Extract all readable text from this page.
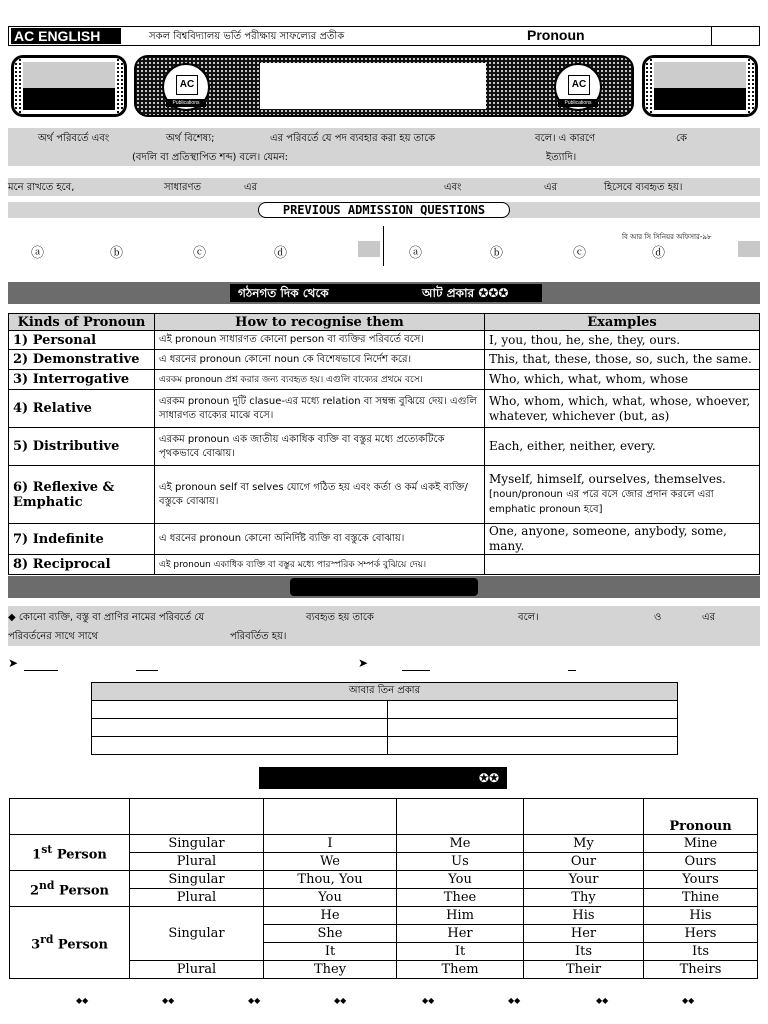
AC ENGLISH	সকল বিশ্ববিদ্যালয় ভর্তি পরীক্ষায় সাফল্যের প্রতীক	Pronoun
AC
Publications
AC
Publications
অর্থ পরিবর্তে এবং	অর্থ বিশেষ্য;	এর পরিবর্তে যে পদ ব্যবহার করা হয় তাকে	বলে। এ কারণে	কে
(বদলি বা প্রতিস্থাপিত শব্দ) বলে। যেমন:	ইত্যাদি।
মনে রাখতে হবে,	সাধারণত	এর	এবং	এর	হিসেবে ব্যবহৃত হয়।
PREVIOUS ADMISSION QUESTIONS
বি আর সি সিনিয়র অফিসার-৯৮
ⓐ	ⓑ	ⓒ	ⓓ	ⓐ	ⓑ	ⓒ	ⓓ
গঠনগত দিক থেকে	আট প্রকার ✪✪✪
Kinds of Pronoun	How to recognise them	Examples
1) Personal	এই pronoun সাধারণত কোনো person বা ব্যক্তির পরিবর্তে বসে।	I, you, thou, he, she, they, ours.
2) Demonstrative	এ ধরনের pronoun কোনো noun কে বিশেষভাবে নির্দেশ করে।	This, that, these, those, so, such, the same.
3) Interrogative	এরকম pronoun প্রশ্ন করার জন্য ব্যবহৃত হয়। এগুলি বাক্যের প্রথমে বসে।	Who, which, what, whom, whose
4) Relative	এরকম pronoun দুটি clasue-এর মধ্যে relation বা সম্বন্ধ বুঝিয়ে দেয়। এগুলি সাধারণত বাক্যের মাঝে বসে।	Who, whom, which, what, whose, whoever, whatever, whichever (but, as)
5) Distributive	এরকম pronoun এক জাতীয় একাধিক ব্যক্তি বা বস্তুর মধ্যে প্রত্যেকটিকে পৃথকভাবে বোঝায়।	Each, either, neither, every.
6) Reflexive & Emphatic	এই pronoun self বা selves যোগে গঠিত হয় এবং কর্তা ও কর্ম একই ব্যক্তি/বস্তুকে বোঝায়।	Myself, himself, ourselves, themselves.
[noun/pronoun এর পরে বসে জোর প্রদান করলে এরা emphatic pronoun হবে]

7) Indefinite	এ ধরনের pronoun কোনো অনির্দিষ্ট ব্যক্তি বা বস্তুকে বোঝায়।	One, anyone, someone, anybody, some, many.
8) Reciprocal	এই pronoun একাধিক ব্যক্তি বা বস্তুর মধ্যে পারস্পরিক সম্পর্ক বুঝিয়ে দেয়।	
◆ কোনো ব্যক্তি, বস্তু বা প্রাণির নামের পরিবর্তে যে	ব্যবহৃত হয় তাকে	বলে।	ও	এর
পরিবর্তনের সাথে সাথে	পরিবর্তিত হয়।
➤	➤
আবার তিন প্রকার	

✪✪
					Pronoun
1st Person	Singular	I	Me	My	Mine
	Plural	We	Us	Our	Ours
2nd Person	Singular	Thou, You	You	Your	Yours
	Plural	You	Thee	Thy	Thine
3rd Person	Singular	He	Him	His	His
		She	Her	Her	Hers
		It	It	Its	Its
	Plural	They	Them	Their	Theirs
◆◆	◆◆	◆◆	◆◆	◆◆	◆◆	◆◆	◆◆
